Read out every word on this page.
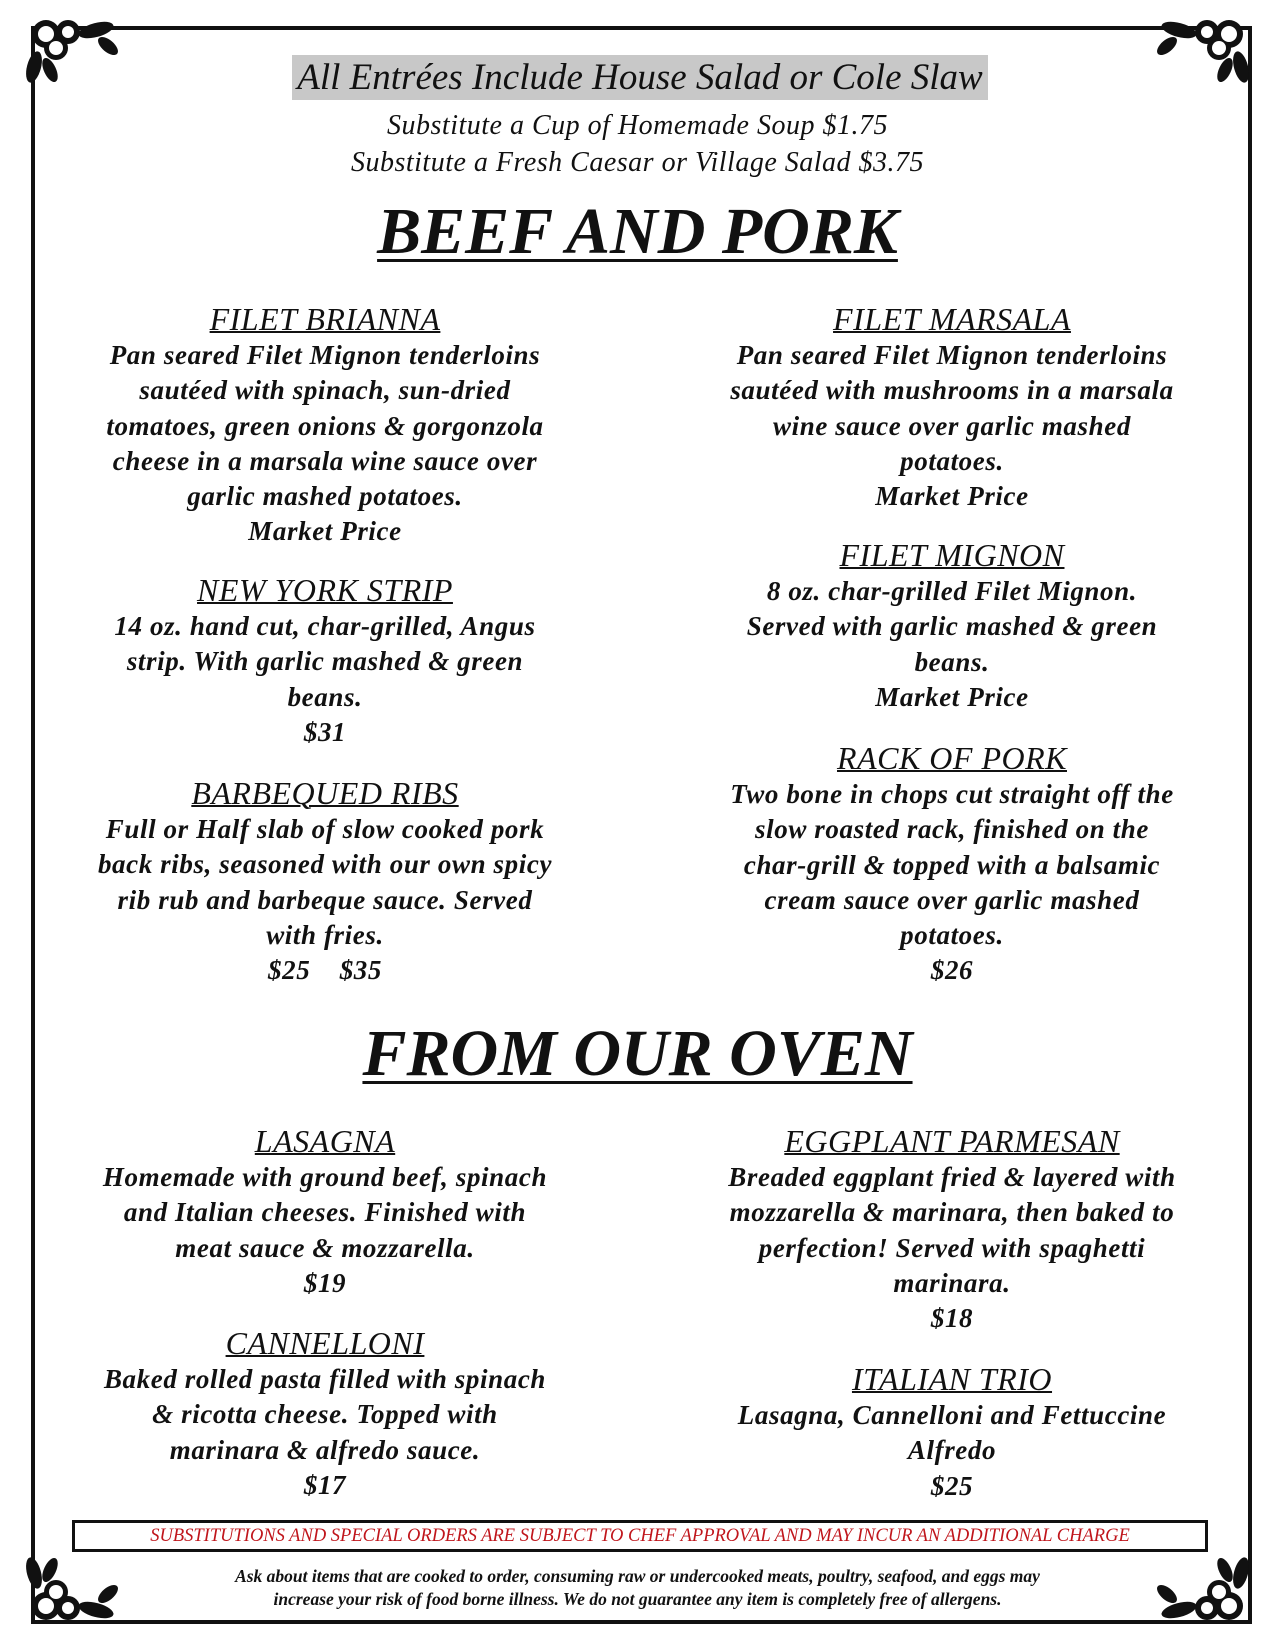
All Entrées Include House Salad or Cole Slaw
Substitute a Cup of Homemade Soup $1.75
Substitute a Fresh Caesar or Village Salad $3.75
BEEF AND PORK
FROM OUR OVEN
FILET BRIANNA
Pan seared Filet Mignon tenderloins
sautéed with spinach, sun-dried
tomatoes, green onions & gorgonzola
cheese in a marsala wine sauce over
garlic mashed potatoes.
Market Price
NEW YORK STRIP
14 oz. hand cut, char-grilled, Angus
strip. With garlic mashed & green
beans.
$31
BARBEQUED RIBS
Full or Half slab of slow cooked pork
back ribs, seasoned with our own spicy
rib rub and barbeque sauce. Served
with fries.
$25    $35
FILET MARSALA
Pan seared Filet Mignon tenderloins
sautéed with mushrooms in a marsala
wine sauce over garlic mashed
potatoes.
Market Price
FILET MIGNON
8 oz. char-grilled Filet Mignon.
Served with garlic mashed & green
beans.
Market Price
RACK OF PORK
Two bone in chops cut straight off the
slow roasted rack, finished on the
char-grill & topped with a balsamic
cream sauce over garlic mashed
potatoes.
$26
LASAGNA
Homemade with ground beef, spinach
and Italian cheeses. Finished with
meat sauce & mozzarella.
$19
CANNELLONI
Baked rolled pasta filled with spinach
& ricotta cheese. Topped with
marinara & alfredo sauce.
$17
EGGPLANT PARMESAN
Breaded eggplant fried & layered with
mozzarella & marinara, then baked to
perfection! Served with spaghetti
marinara.
$18
ITALIAN TRIO
Lasagna, Cannelloni and Fettuccine
Alfredo
$25
SUBSTITUTIONS AND SPECIAL ORDERS ARE SUBJECT TO CHEF APPROVAL AND MAY INCUR AN ADDITIONAL CHARGE
Ask about items that are cooked to order, consuming raw or undercooked meats, poultry, seafood, and eggs may
increase your risk of food borne illness. We do not guarantee any item is completely free of allergens.
